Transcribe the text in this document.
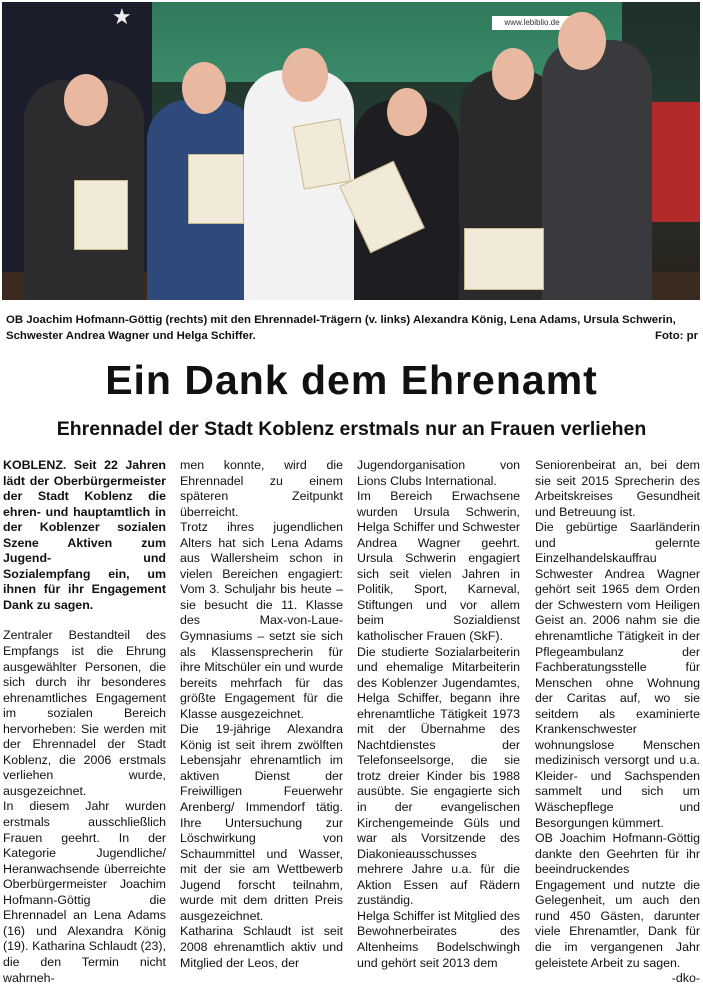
★	www.lebiblio.de
OB Joachim Hofmann-Göttig (rechts) mit den Ehrennadel-Trägern (v. links) Alexandra König, Lena Adams, Ursula Schwerin, Schwester Andrea Wagner und Helga Schiffer.	Foto: pr
Ein Dank dem Ehrenamt
Ehrennadel der Stadt Koblenz erstmals nur an Frauen verliehen

KOBLENZ. Seit 22 Jahren lädt der Oberbürgermeister der Stadt Koblenz die ehren- und hauptamtlich in der Koblenzer sozialen Szene Aktiven zum Jugend- und Sozialempfang ein, um ihnen für ihr Engagement Dank zu sagen.

Zentraler Bestandteil des Empfangs ist die Ehrung ausgewählter Personen, die sich durch ihr besonderes ehrenamtliches Engagement im sozialen Bereich hervorheben: Sie werden mit der Ehrennadel der Stadt Koblenz, die 2006 erstmals verliehen wurde, ausgezeichnet.

In diesem Jahr wurden erstmals ausschließlich Frauen geehrt. In der Kategorie Jugendliche/ Heranwachsende überreichte Oberbürgermeister Joachim Hofmann-Göttig die Ehrennadel an Lena Adams (16) und Alexandra König (19). Katharina Schlaudt (23), die den Termin nicht wahrneh-

men konnte, wird die Ehrennadel zu einem späteren Zeitpunkt überreicht.

Trotz ihres jugendlichen Alters hat sich Lena Adams aus Wallersheim schon in vielen Bereichen engagiert: Vom 3. Schuljahr bis heute – sie besucht die 11. Klasse des Max-von-Laue-Gymnasiums – setzt sie sich als Klassensprecherin für ihre Mitschüler ein und wurde bereits mehrfach für das größte Engagement für die Klasse ausgezeichnet.

Die 19-jährige Alexandra König ist seit ihrem zwölften Lebensjahr ehrenamtlich im aktiven Dienst der Freiwilligen Feuerwehr Arenberg/ Immendorf tätig. Ihre Untersuchung zur Löschwirkung von Schaummittel und Wasser, mit der sie am Wettbewerb Jugend forscht teilnahm, wurde mit dem dritten Preis ausgezeichnet.

Katharina Schlaudt ist seit 2008 ehrenamtlich aktiv und Mitglied der Leos, der

Jugendorganisation von Lions Clubs International.

Im Bereich Erwachsene wurden Ursula Schwerin, Helga Schiffer und Schwester Andrea Wagner geehrt. Ursula Schwerin engagiert sich seit vielen Jahren in Politik, Sport, Karneval, Stiftungen und vor allem beim Sozialdienst katholischer Frauen (SkF).

Die studierte Sozialarbeiterin und ehemalige Mitarbeiterin des Koblenzer Jugendamtes, Helga Schiffer, begann ihre ehrenamtliche Tätigkeit 1973 mit der Übernahme des Nachtdienstes der Telefonseelsorge, die sie trotz dreier Kinder bis 1988 ausübte. Sie engagierte sich in der evangelischen Kirchengemeinde Güls und war als Vorsitzende des Diakonieausschusses mehrere Jahre u.a. für die Aktion Essen auf Rädern zuständig.

Helga Schiffer ist Mitglied des Bewohnerbeirates des Altenheims Bodelschwingh und gehört seit 2013 dem

Seniorenbeirat an, bei dem sie seit 2015 Sprecherin des Arbeitskreises Gesundheit und Betreuung ist.

Die gebürtige Saarländerin und gelernte Einzelhandelskauffrau Schwester Andrea Wagner gehört seit 1965 dem Orden der Schwestern vom Heiligen Geist an. 2006 nahm sie die ehrenamtliche Tätigkeit in der Pflegeambulanz der Fachberatungsstelle für Menschen ohne Wohnung der Caritas auf, wo sie seitdem als examinierte Krankenschwester wohnungslose Menschen medizinisch versorgt und u.a. Kleider- und Sachspenden sammelt und sich um Wäschepflege und Besorgungen kümmert.

OB Joachim Hofmann-Göttig dankte den Geehrten für ihr beeindruckendes Engagement und nutzte die Gelegenheit, um auch den rund 450 Gästen, darunter viele Ehrenamtler, Dank für die im vergangenen Jahr geleistete Arbeit zu sagen.

-dko-
